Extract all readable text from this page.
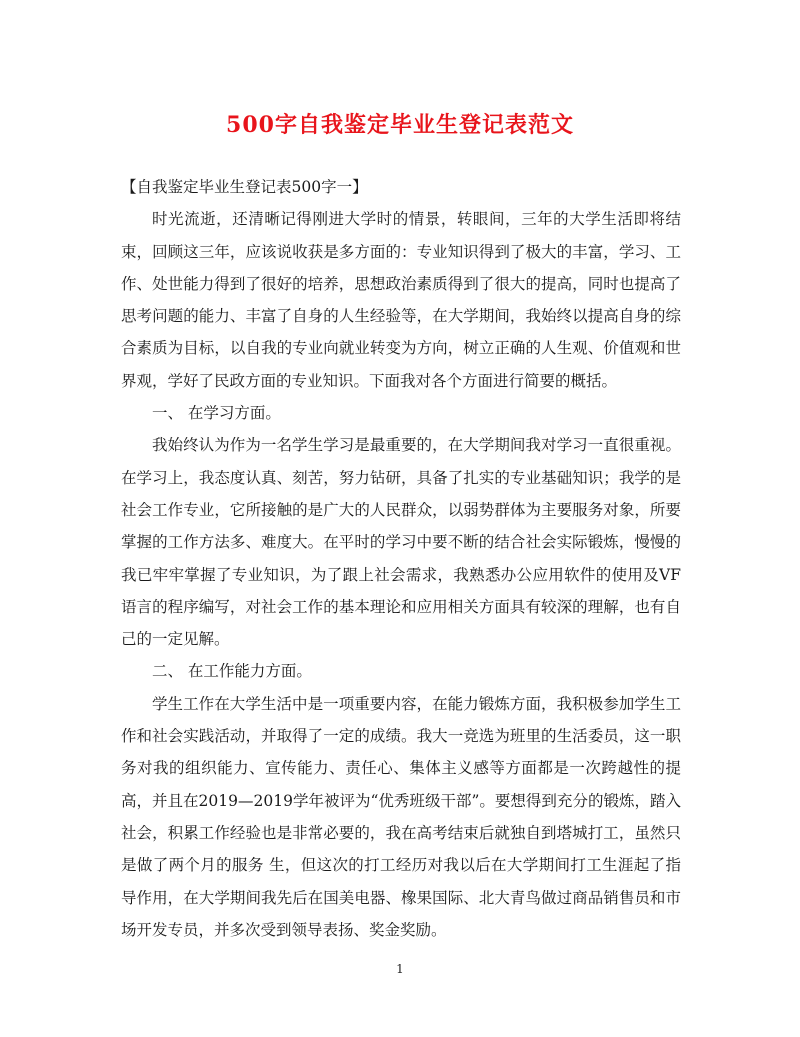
500字自我鉴定毕业生登记表范文

【自我鉴定毕业生登记表500字一】

时光流逝，还清晰记得刚进大学时的情景，转眼间，三年的大学生活即将结束，回顾这三年，应该说收获是多方面的：专业知识得到了极大的丰富，学习、工作、处世能力得到了很好的培养，思想政治素质得到了很大的提高，同时也提高了思考问题的能力、丰富了自身的人生经验等，在大学期间，我始终以提高自身的综合素质为目标，以自我的专业向就业转变为方向，树立正确的人生观、价值观和世界观，学好了民政方面的专业知识。下面我对各个方面进行简要的概括。

一、 在学习方面。

我始终认为作为一名学生学习是最重要的，在大学期间我对学习一直很重视。在学习上，我态度认真、刻苦，努力钻研，具备了扎实的专业基础知识；我学的是社会工作专业，它所接触的是广大的人民群众，以弱势群体为主要服务对象，所要掌握的工作方法多、难度大。在平时的学习中要不断的结合社会实际锻炼，慢慢的我已牢牢掌握了专业知识，为了跟上社会需求，我熟悉办公应用软件的使用及VF语言的程序编写，对社会工作的基本理论和应用相关方面具有较深的理解，也有自己的一定见解。

二、 在工作能力方面。

学生工作在大学生活中是一项重要内容，在能力锻炼方面，我积极参加学生工作和社会实践活动，并取得了一定的成绩。我大一竞选为班里的生活委员，这一职务对我的组织能力、宣传能力、责任心、集体主义感等方面都是一次跨越性的提高，并且在2019—2019学年被评为“优秀班级干部”。要想得到充分的锻炼，踏入社会，积累工作经验也是非常必要的，我在高考结束后就独自到塔城打工，虽然只是做了两个月的服务 生，但这次的打工经历对我以后在大学期间打工生涯起了指导作用，在大学期间我先后在国美电器、橡果国际、北大青鸟做过商品销售员和市场开发专员，并多次受到领导表扬、奖金奖励。

1
